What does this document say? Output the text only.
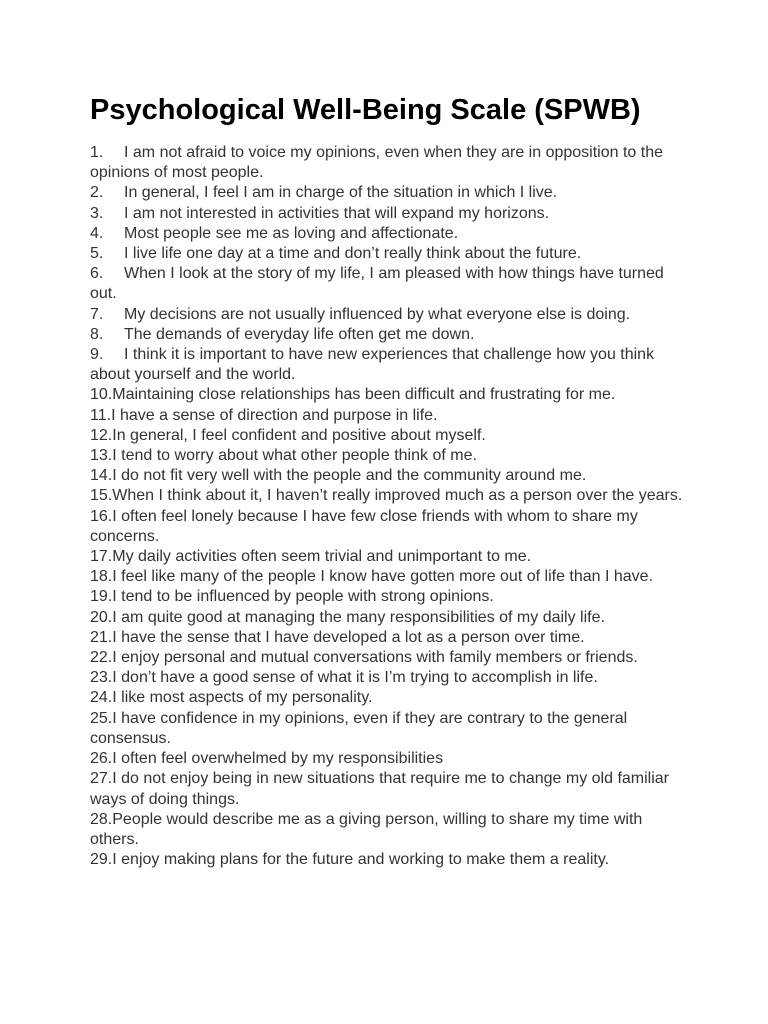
Psychological Well-Being Scale (SPWB)
1. I am not afraid to voice my opinions, even when they are in opposition to the opinions of most people.
2. In general, I feel I am in charge of the situation in which I live.
3. I am not interested in activities that will expand my horizons.
4. Most people see me as loving and affectionate.
5. I live life one day at a time and don’t really think about the future.
6. When I look at the story of my life, I am pleased with how things have turned out.
7. My decisions are not usually influenced by what everyone else is doing.
8. The demands of everyday life often get me down.
9. I think it is important to have new experiences that challenge how you think about yourself and the world.
10.Maintaining close relationships has been difficult and frustrating for me.
11.I have a sense of direction and purpose in life.
12.In general, I feel confident and positive about myself.
13.I tend to worry about what other people think of me.
14.I do not fit very well with the people and the community around me.
15.When I think about it, I haven’t really improved much as a person over the years.
16.I often feel lonely because I have few close friends with whom to share my concerns.
17.My daily activities often seem trivial and unimportant to me.
18.I feel like many of the people I know have gotten more out of life than I have.
19.I tend to be influenced by people with strong opinions.
20.I am quite good at managing the many responsibilities of my daily life.
21.I have the sense that I have developed a lot as a person over time.
22.I enjoy personal and mutual conversations with family members or friends.
23.I don’t have a good sense of what it is I’m trying to accomplish in life.
24.I like most aspects of my personality.
25.I have confidence in my opinions, even if they are contrary to the general consensus.
26.I often feel overwhelmed by my responsibilities
27.I do not enjoy being in new situations that require me to change my old familiar ways of doing things.
28.People would describe me as a giving person, willing to share my time with others.
29.I enjoy making plans for the future and working to make them a reality.
